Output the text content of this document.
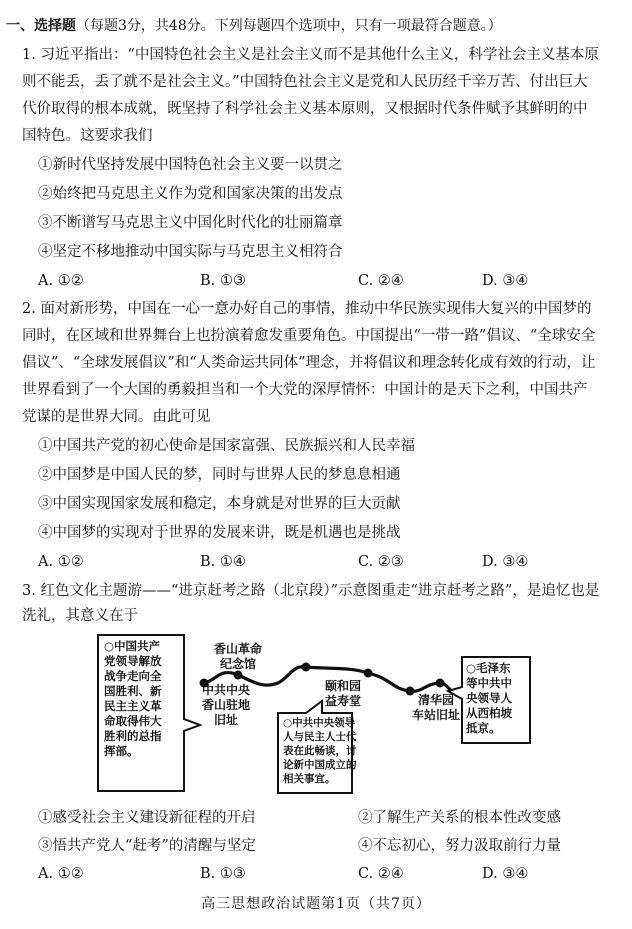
一、选择题（每题3分，共48分。下列每题四个选项中，只有一项最符合题意。）
1. 习近平指出：“中国特色社会主义是社会主义而不是其他什么主义，科学社会主义基本原
则不能丢，丢了就不是社会主义。”中国特色社会主义是党和人民历经千辛万苦、付出巨大
代价取得的根本成就，既坚持了科学社会主义基本原则，又根据时代条件赋予其鲜明的中
国特色。这要求我们
①新时代坚持发展中国特色社会主义要一以贯之
②始终把马克思主义作为党和国家决策的出发点
③不断谱写马克思主义中国化时代化的壮丽篇章
④坚定不移地推动中国实际与马克思主义相符合
A. ①②	B. ①③	C. ②④	D. ③④
2. 面对新形势，中国在一心一意办好自己的事情，推动中华民族实现伟大复兴的中国梦的
同时，在区域和世界舞台上也扮演着愈发重要角色。中国提出“一带一路”倡议、“全球安全
倡议”、“全球发展倡议”和“人类命运共同体”理念，并将倡议和理念转化成有效的行动，让
世界看到了一个大国的勇毅担当和一个大党的深厚情怀：中国计的是天下之利，中国共产
党谋的是世界大同。由此可见
①中国共产党的初心使命是国家富强、民族振兴和人民幸福
②中国梦是中国人民的梦，同时与世界人民的梦息息相通
③中国实现国家发展和稳定，本身就是对世界的巨大贡献
④中国梦的实现对于世界的发展来讲，既是机遇也是挑战
A. ①②	B. ①④	C. ②③	D. ③④
3. 红色文化主题游——“进京赶考之路（北京段）”示意图重走“进京赶考之路”，是追忆也是
洗礼，其意义在于
中共中央
香山驻地
旧址
香山革命
纪念馆
颐和园
益寿堂	清华园
车站旧址
○中国共产
党领导解放
战争走向全
国胜利、新
民主主义革
命取得伟大
胜利的总指
挥部。
○中共中央领导
人与民主人士代
表在此畅谈，讨
论新中国成立的
相关事宜。
○毛泽东
等中共中
央领导人
从西柏坡
抵京。
①感受社会主义建设新征程的开启	②了解生产关系的根本性改变感
③悟共产党人“赶考”的清醒与坚定	④不忘初心，努力汲取前行力量
A. ①②	B. ①③	C. ②④	D. ③④
高三思想政治试题第1页（共7页）
